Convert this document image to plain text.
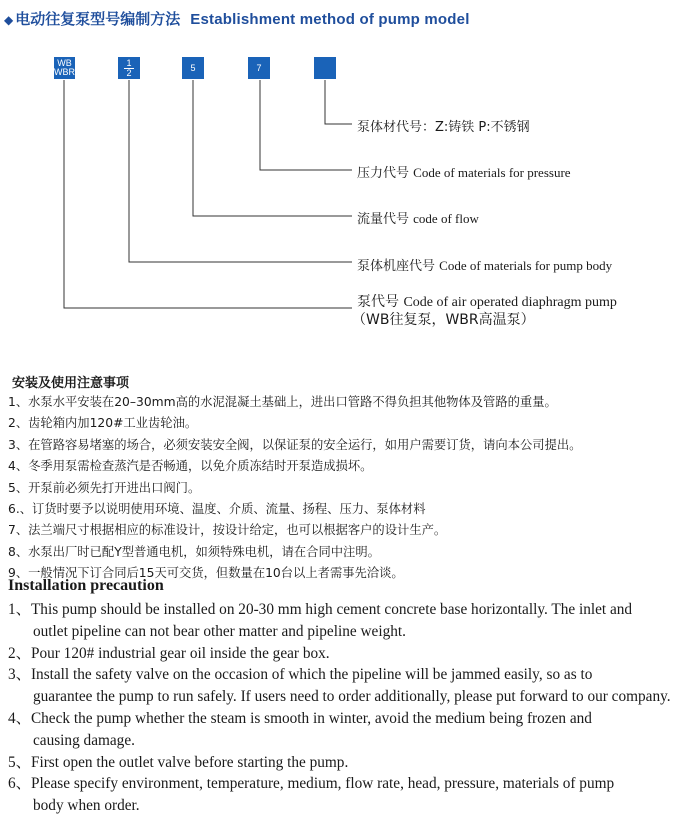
◆ 电动往复泵型号编制方法 Establishment method of pump model
WB
WBR	$\frac{1}{2}$	5	7
泵体材代号：Z:铸铁 P:不锈钢
压力代号 Code of materials for pressure
流量代号 code of flow
泵体机座代号 Code of materials for pump body
泵代号 Code of air operated diaphragm pump
（WB往复泵，WBR高温泵）
安装及使用注意事项
1、水泵水平安装在20–30mm高的水泥混凝土基础上，进出口管路不得负担其他物体及管路的重量。
2、齿轮箱内加120#工业齿轮油。
3、在管路容易堵塞的场合，必须安装安全阀，以保证泵的安全运行，如用户需要订货，请向本公司提出。
4、冬季用泵需检查蒸汽是否畅通，以免介质冻结时开泵造成损坏。
5、开泵前必须先打开进出口阀门。
6.、订货时要予以说明使用环境、温度、介质、流量、扬程、压力、泵体材料
7、法兰端尺寸根据相应的标准设计，按设计给定，也可以根据客户的设计生产。
8、水泵出厂时已配Y型普通电机，如须特殊电机，请在合同中注明。
9、一般情况下订合同后15天可交货，但数量在10台以上者需事先洽谈。
Installation precaution
1、This pump should be installed on 20-30 mm high cement concrete base horizontally. The inlet and
outlet pipeline can not bear other matter and pipeline weight.
2、Pour 120# industrial gear oil inside the gear box.
3、Install the safety valve on the occasion of which the pipeline will be jammed easily, so as to
guarantee the pump to run safely. If users need to order additionally, please put forward to our company.
4、Check the pump whether the steam is smooth in winter, avoid the medium being frozen and
causing damage.
5、First open the outlet valve before starting the pump.
6、Please specify environment, temperature, medium, flow rate, head, pressure, materials of pump
body when order.
